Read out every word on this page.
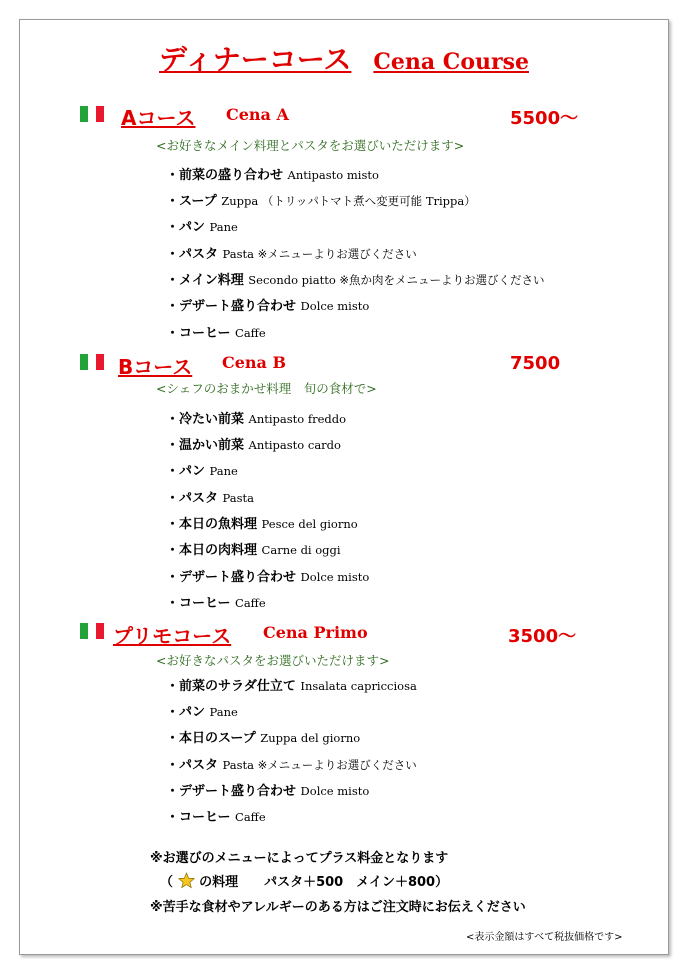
ディナーコース Cena Course
Aコース Cena A	5500～
<お好きなメイン料理とパスタをお選びいただけます>
・前菜の盛り合わせ Antipasto misto
・スープ Zuppa （トリッパトマト煮へ変更可能 Trippa）
・パン Pane
・パスタ Pasta ※メニューよりお選びください
・メイン料理 Secondo piatto ※魚か肉をメニューよりお選びください
・デザート盛り合わせ Dolce misto
・コーヒー Caffe
Bコース Cena B	7500
<シェフのおまかせ料理　旬の食材で>
・冷たい前菜 Antipasto freddo
・温かい前菜 Antipasto cardo
・パン Pane
・パスタ Pasta
・本日の魚料理 Pesce del giorno
・本日の肉料理 Carne di oggi
・デザート盛り合わせ Dolce misto
・コーヒー Caffe
プリモコース Cena Primo	3500～
<お好きなパスタをお選びいただけます>
・前菜のサラダ仕立て Insalata capricciosa
・パン Pane
・本日のスープ Zuppa del giorno
・パスタ Pasta ※メニューよりお選びください
・デザート盛り合わせ Dolce misto
・コーヒー Caffe
※お選びのメニューによってプラス料金となります
（ の料理　　パスタ＋500　メイン＋800）
※苦手な食材やアレルギーのある方はご注文時にお伝えください
<表示金額はすべて税抜価格です>
